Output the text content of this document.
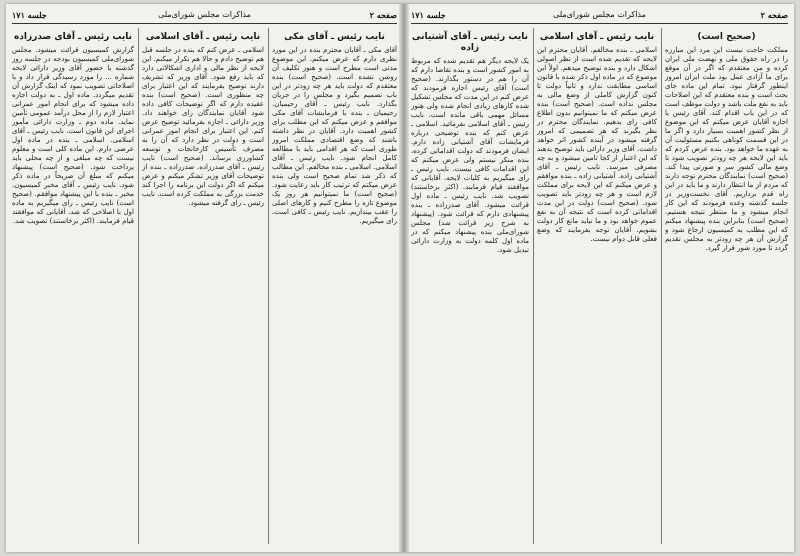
صفحه ۲
مذاکرات مجلس شورای‌ملی
جلسه ۱۷۱
نایب رئیس ـ آقای مکی

آقای مکی ـ آقایان محترم بنده در این مورد نظری دارم که عرض میکنم. این موضوع مدتی است مطرح است و هنوز تکلیف آن روشن نشده است. (صحیح است) بنده معتقدم که دولت باید هر چه زودتر در این باب تصمیم بگیرد و مجلس را در جریان بگذارد. نایب رئیس ـ آقای رحیمیان. رحیمیان ـ بنده با فرمایشات آقای مکی موافقم و عرض میکنم که این مطلب برای کشور اهمیت دارد. آقایان در نظر داشته باشند که وضع اقتصادی مملکت امروز طوری است که هر اقدامی باید با مطالعه کامل انجام شود. نایب رئیس ـ آقای اسلامی. اسلامی ـ بنده مخالفم. این مطالب که ذکر شد تمام صحیح است ولی بنده عرض میکنم که ترتیب کار باید رعایت شود. (صحیح است) ما نمیتوانیم هر روز یک موضوع تازه را مطرح کنیم و کارهای اصلی را عقب بیندازیم. نایب رئیس ـ کافی است. رای میگیریم.

نایب رئیس ـ آقای اسلامی

اسلامی ـ عرض کنم که بنده در جلسه قبل هم توضیح دادم و حالا هم تکرار میکنم. این لایحه از نظر مالی و اداری اشکالاتی دارد که باید رفع شود. آقای وزیر که تشریف دارند توضیح بفرمایند که این اعتبار برای چه منظوری است. (صحیح است) بنده عقیده دارم که اگر توضیحات کافی داده شود آقایان نمایندگان رای خواهند داد. وزیر دارائی ـ اجازه بفرمائید توضیح عرض کنم. این اعتبار برای انجام امور عمرانی است و دولت در نظر دارد که آن را به مصرف تأسیس کارخانجات و توسعه کشاورزی برساند. (صحیح است) نایب رئیس ـ آقای صدرزاده. صدرزاده ـ بنده از توضیحات آقای وزیر تشکر میکنم و عرض میکنم که اگر دولت این برنامه را اجرا کند خدمت بزرگی به مملکت کرده است. نایب رئیس ـ رای گرفته میشود.

نایب رئیس ـ آقای صدرزاده

گزارش کمیسیون قرائت میشود. مجلس شورای‌ملی کمیسیون بودجه در جلسه روز گذشته با حضور آقای وزیر دارائی لایحه شماره ... را مورد رسیدگی قرار داد و با اصلاحاتی تصویب نمود که اینک گزارش آن تقدیم میگردد. ماده اول ـ به دولت اجازه داده میشود که برای انجام امور عمرانی اعتبار لازم را از محل درآمد عمومی تأمین نماید. ماده دوم ـ وزارت دارائی مأمور اجرای این قانون است. نایب رئیس ـ آقای اسلامی. اسلامی ـ بنده در ماده اول عرضی دارم. این ماده کلی است و معلوم نیست که چه مبلغی و از چه محلی باید پرداخت شود. (صحیح است) پیشنهاد میکنم که مبلغ آن صریحاً در ماده ذکر شود. نایب رئیس ـ آقای مخبر کمیسیون. مخبر ـ بنده با این پیشنهاد موافقم. (صحیح است) نایب رئیس ـ رای میگیریم به ماده اول با اصلاحی که شد. آقایانی که موافقند قیام فرمایند. (اکثر برخاستند) تصویب شد.

صفحه ۲
مذاکرات مجلس شورای‌ملی
جلسه ۱۷۱
(صحیح است)

مملکت حاجت نیست این مرد این مبارزه را در راه حقوق ملی و نهضت ملی ایران کرده و من معتقدم که اگر در آن موقع برای ما آزادی عمل بود ملت ایران امروز اینطور گرفتار نبود. تمام این ماده جای بحث است و بنده معتقدم که این اصلاحات باید به نفع ملت باشد و دولت موظف است که در این باب اقدام کند. آقای رئیس با اجازه آقایان عرض میکنم که این موضوع از نظر کشور اهمیت بسیار دارد و اگر ما در این قسمت کوتاهی بکنیم مسئولیت آن به عهده ما خواهد بود. بنده عرض کردم که باید این لایحه هر چه زودتر تصویب شود تا وضع مالی کشور سر و صورتی پیدا کند. (صحیح است) نمایندگان محترم توجه دارند که مردم از ما انتظار دارند و ما باید در این راه قدم برداریم. آقای نخست‌وزیر در جلسه گذشته وعده فرمودند که این کار انجام میشود و ما منتظر نتیجه هستیم. (صحیح است) بنابراین بنده پیشنهاد میکنم که این مطلب به کمیسیون ارجاع شود و گزارش آن هر چه زودتر به مجلس تقدیم گردد تا مورد شور قرار گیرد.

نایب رئیس ـ آقای اسلامی

اسلامی ـ بنده مخالفم. آقایان محترم این لایحه که تقدیم شده است از نظر اصولی اشکال دارد و بنده توضیح میدهم. اولاً این موضوع که در ماده اول ذکر شده با قانون اساسی مطابقت ندارد و ثانیاً دولت تا کنون گزارش کاملی از وضع مالی به مجلس نداده است. (صحیح است) بنده عرض میکنم که ما نمیتوانیم بدون اطلاع کافی رای بدهیم. نمایندگان محترم در نظر بگیرند که هر تصمیمی که امروز گرفته میشود در آینده کشور اثر خواهد داشت. آقای وزیر دارائی باید توضیح بدهند که این اعتبار از کجا تامین میشود و به چه مصرفی میرسد. نایب رئیس ـ آقای آشتیانی زاده. آشتیانی زاده ـ بنده موافقم و عرض میکنم که این لایحه برای مملکت لازم است و هر چه زودتر باید تصویب شود. (صحیح است) دولت در این مدت اقداماتی کرده است که نتیجه آن به نفع عموم خواهد بود و ما نباید مانع کار دولت بشویم. آقایان توجه بفرمایند که وضع فعلی قابل دوام نیست.

نایب رئیس ـ آقای آشتیانی زاده

یک لایحه دیگر هم تقدیم شده که مربوط به امور کشور است و بنده تقاضا دارم که آن را هم در دستور بگذارند. (صحیح است) آقای رئیس اجازه فرمودند که عرض کنم در این مدت که مجلس تشکیل شده کارهای زیادی انجام شده ولی هنوز مسائل مهمی باقی مانده است. نایب رئیس ـ آقای اسلامی بفرمائید. اسلامی ـ عرض کنم که بنده توضیحی درباره فرمایشات آقای آشتیانی زاده دارم. ایشان فرمودند که دولت اقداماتی کرده، بنده منکر نیستم ولی عرض میکنم که این اقدامات کافی نیست. نایب رئیس ـ رای میگیریم به کلیات لایحه. آقایانی که موافقند قیام فرمایند. (اکثر برخاستند) تصویب شد. نایب رئیس ـ ماده اول قرائت میشود. آقای صدرزاده ـ بنده پیشنهادی دارم که قرائت شود. (پیشنهاد به شرح زیر قرائت شد) مجلس شورای‌ملی بنده پیشنهاد میکنم که در ماده اول کلمه دولت به وزارت دارائی تبدیل شود.
